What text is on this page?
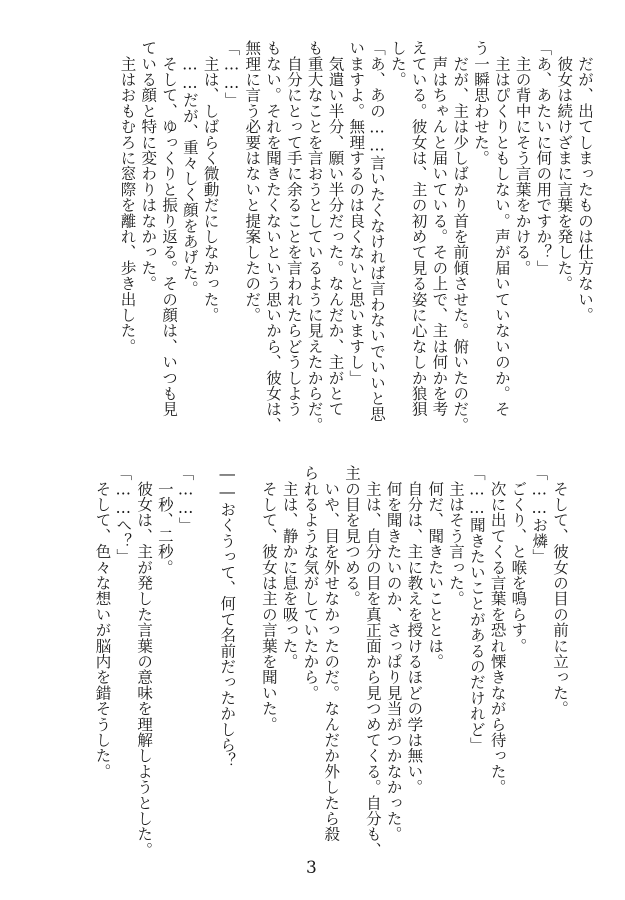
　だが、出てしまったものは仕方ない。
　彼女は続けざまに言葉を発した。
「あ、あたいに何の用ですか？」
　主の背中にそう言葉をかける。
　主はぴくりともしない。声が届いていないのか。そ
う一瞬思わせた。
　だが、主は少しばかり首を前傾させた。俯いたのだ。
　声はちゃんと届いている。その上で、主は何かを考
えている。彼女は、主の初めて見る姿に心なしか狼狽
した。
「あ、あの……言いたくなければ言わないでいいと思
いますよ。無理するのは良くないと思いますし」
　気遣い半分、願い半分だった。なんだか、主がとて
も重大なことを言おうとしているように見えたからだ。
　自分にとって手に余ることを言われたらどうしよう
もない。それを聞きたくないという思いから、彼女は、
無理に言う必要はないと提案したのだ。
「……」
　主は、しばらく微動だにしなかった。
　……だが、重々しく顔をあげた。
　そして、ゆっくりと振り返る。その顔は、いつも見
ている顔と特に変わりはなかった。
　主はおもむろに窓際を離れ、歩き出した。
　そして、彼女の目の前に立った。
「……お燐」
　ごくり、と喉を鳴らす。
　次に出てくる言葉を恐れ慄きながら待った。
「……聞きたいことがあるのだけれど」
　主はそう言った。
　何だ、聞きたいこととは。
　自分は、主に教えを授けるほどの学は無い。
　何を聞きたいのか、さっぱり見当がつかなかった。
　主は、自分の目を真正面から見つめてくる。自分も、
主の目を見つめる。
　いや、目を外せなかったのだ。なんだか外したら殺
られるような気がしていたから。
　主は、静かに息を吸った。
　そして、彼女は主の言葉を聞いた。

――おくうって、何て名前だったかしら？

「……」
　一秒、二秒。
　彼女は、主が発した言葉の意味を理解しようとした。
「……へ？」
　そして、色々な想いが脳内を錯そうした。
3
